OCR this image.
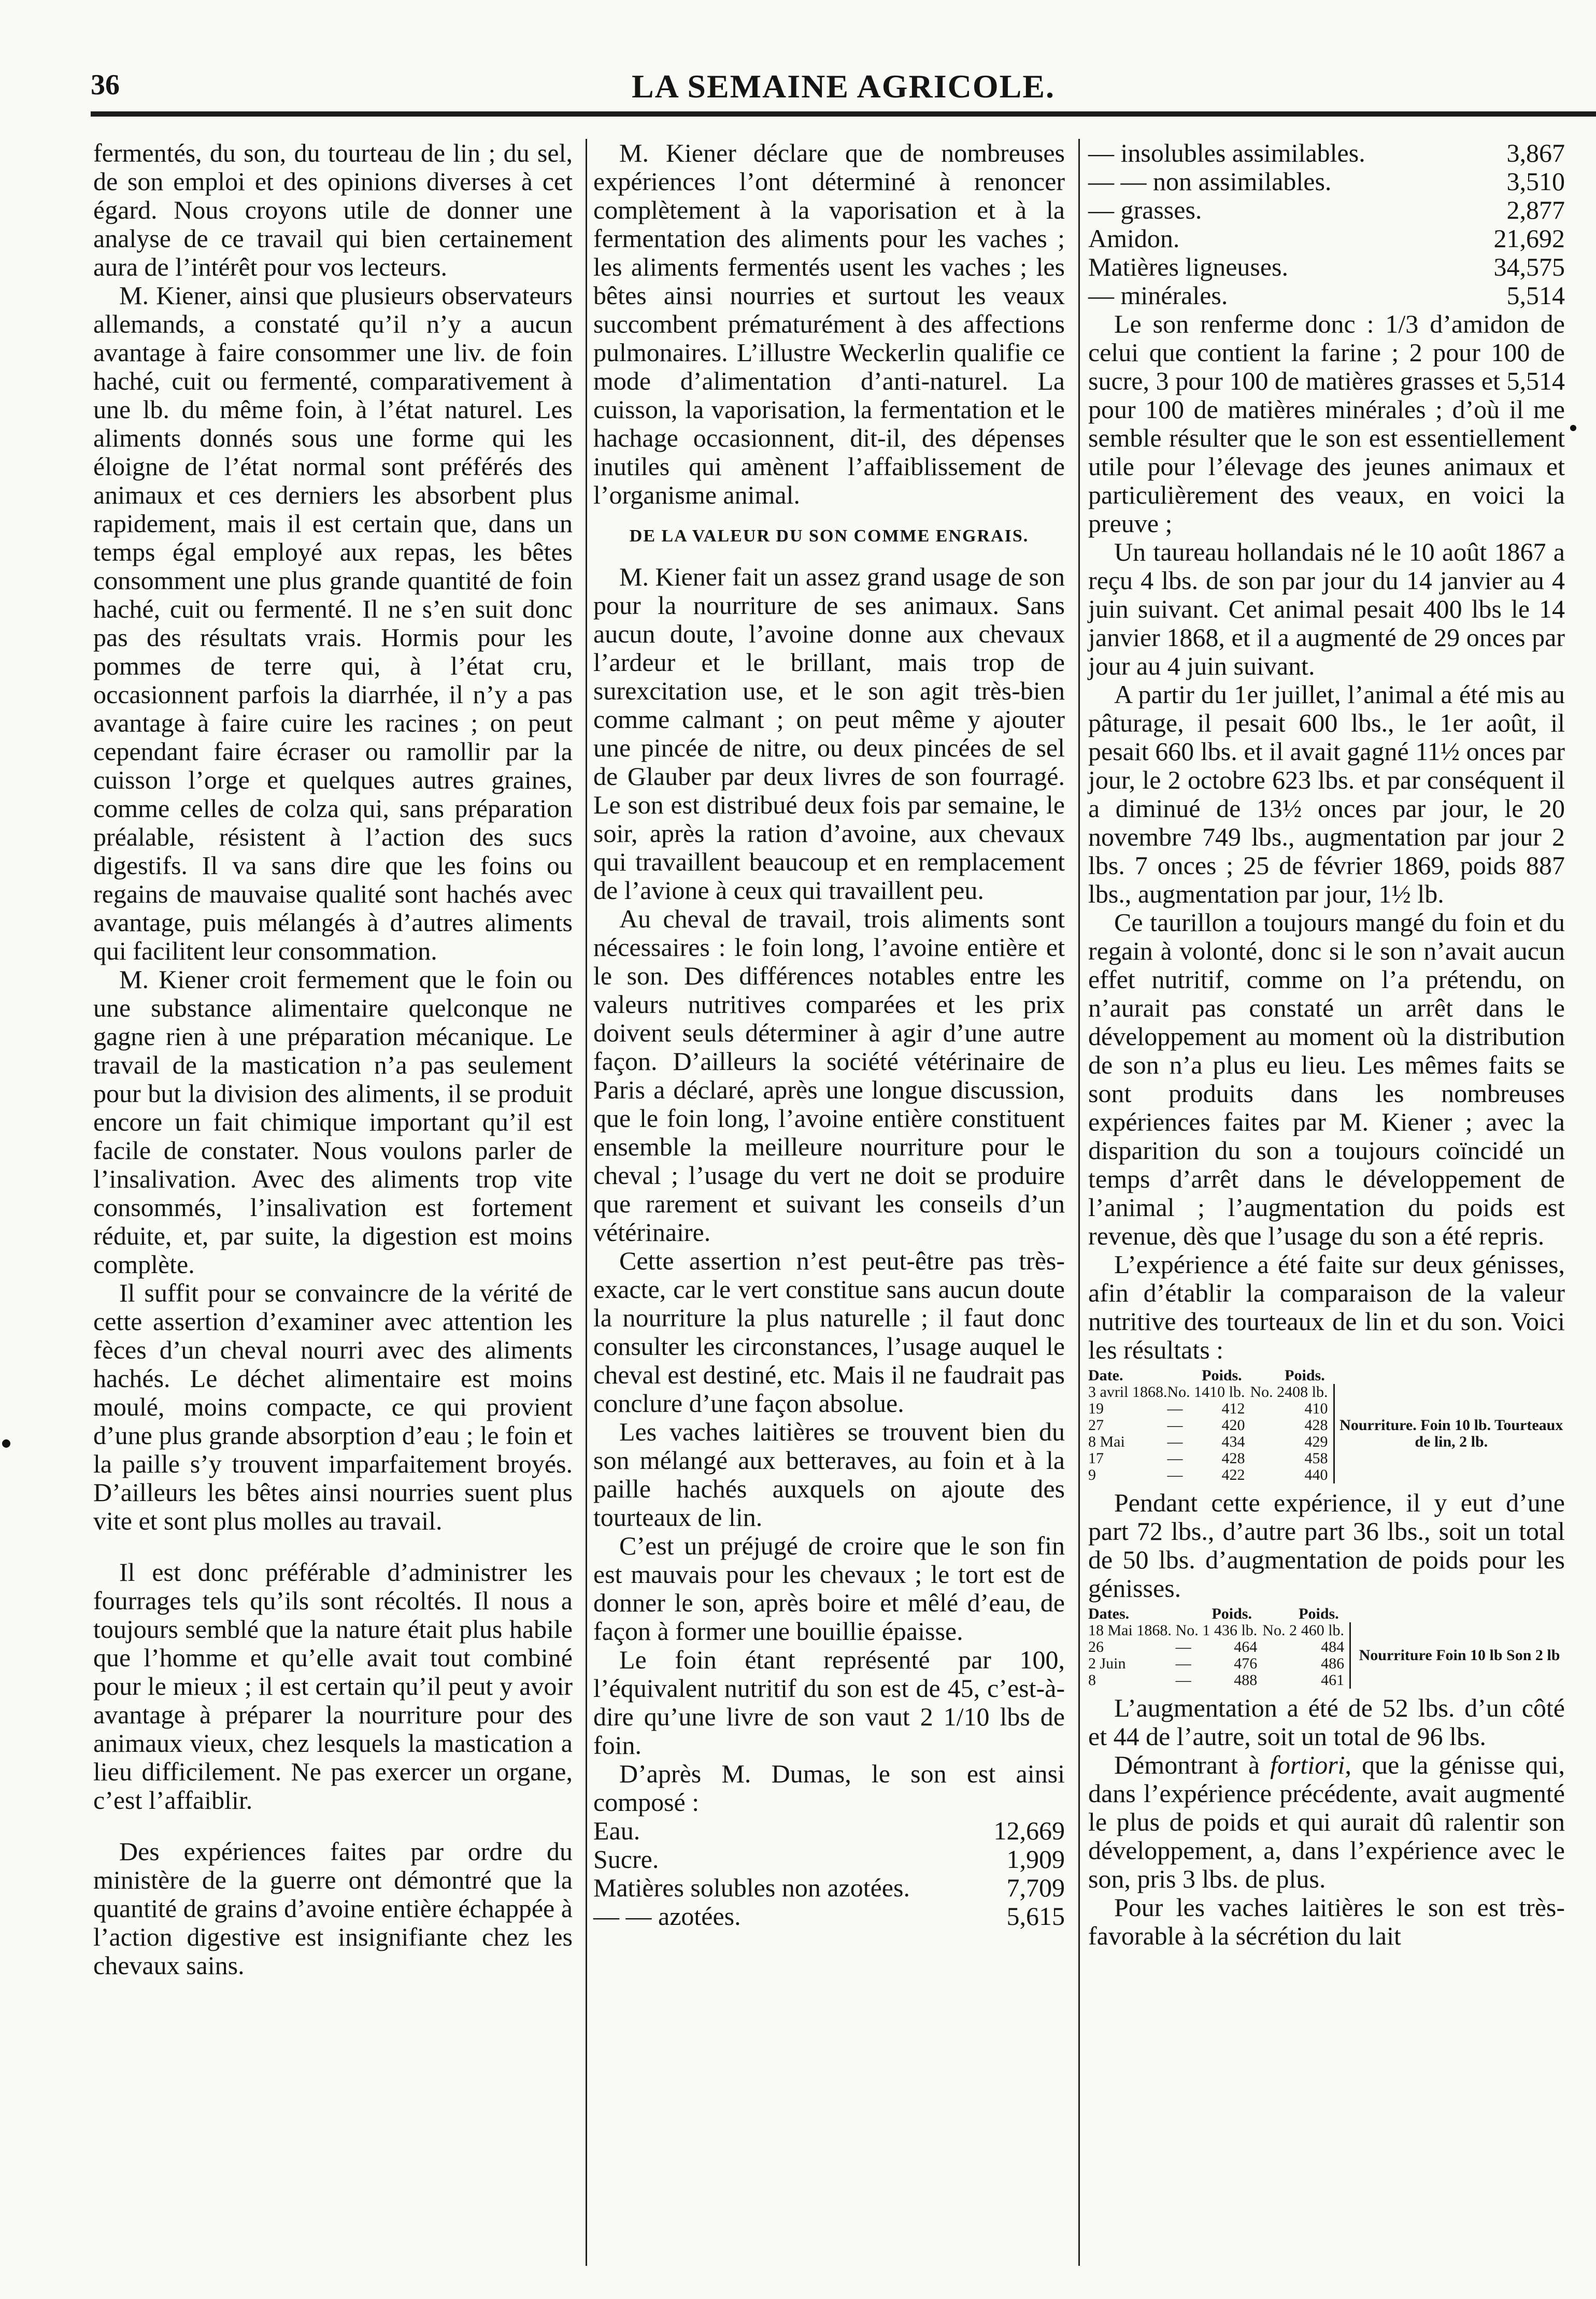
36	LA SEMAINE AGRICOLE.

fermentés, du son, du tourteau de lin ; du sel, de son emploi et des opinions diverses à cet égard. Nous croyons utile de donner une analyse de ce travail qui bien certainement aura de l’intérêt pour vos lecteurs.

M. Kiener, ainsi que plusieurs observateurs allemands, a constaté qu’il n’y a aucun avantage à faire consommer une liv. de foin haché, cuit ou fermenté, comparativement à une lb. du même foin, à l’état naturel. Les aliments donnés sous une forme qui les éloigne de l’état normal sont préférés des animaux et ces derniers les absorbent plus rapidement, mais il est certain que, dans un temps égal employé aux repas, les bêtes consomment une plus grande quantité de foin haché, cuit ou fermenté. Il ne s’en suit donc pas des résultats vrais. Hormis pour les pommes de terre qui, à l’état cru, occasionnent parfois la diarrhée, il n’y a pas avantage à faire cuire les racines ; on peut cependant faire écraser ou ramollir par la cuisson l’orge et quelques autres graines, comme celles de colza qui, sans préparation préalable, résistent à l’action des sucs digestifs. Il va sans dire que les foins ou regains de mauvaise qualité sont hachés avec avantage, puis mélangés à d’autres aliments qui facilitent leur consommation.

M. Kiener croit fermement que le foin ou une substance alimentaire quelconque ne gagne rien à une préparation mécanique. Le travail de la mastication n’a pas seulement pour but la division des aliments, il se produit encore un fait chimique important qu’il est facile de constater. Nous voulons parler de l’insalivation. Avec des aliments trop vite consommés, l’insalivation est fortement réduite, et, par suite, la digestion est moins complète.

Il suffit pour se convaincre de la vérité de cette assertion d’examiner avec attention les fèces d’un cheval nourri avec des aliments hachés. Le déchet alimentaire est moins moulé, moins compacte, ce qui provient d’une plus grande absorption d’eau ; le foin et la paille s’y trouvent imparfaitement broyés. D’ailleurs les bêtes ainsi nourries suent plus vite et sont plus molles au travail.

Il est donc préférable d’administrer les fourrages tels qu’ils sont récoltés. Il nous a toujours semblé que la nature était plus habile que l’homme et qu’elle avait tout combiné pour le mieux ; il est certain qu’il peut y avoir avantage à préparer la nourriture pour des animaux vieux, chez lesquels la mastication a lieu difficilement. Ne pas exercer un organe, c’est l’affaiblir.

Des expériences faites par ordre du ministère de la guerre ont démontré que la quantité de grains d’avoine entière échappée à l’action digestive est insignifiante chez les chevaux sains.

M. Kiener déclare que de nombreuses expériences l’ont déterminé à renoncer complètement à la vaporisation et à la fermentation des aliments pour les vaches ; les aliments fermentés usent les vaches ; les bêtes ainsi nourries et surtout les veaux succombent prématurément à des affections pulmonaires. L’illustre Weckerlin qualifie ce mode d’alimentation d’anti-naturel. La cuisson, la vaporisation, la fermentation et le hachage occasionnent, dit-il, des dépenses inutiles qui amènent l’affaiblissement de l’organisme animal.

DE LA VALEUR DU SON COMME ENGRAIS.

M. Kiener fait un assez grand usage de son pour la nourriture de ses animaux. Sans aucun doute, l’avoine donne aux chevaux l’ardeur et le brillant, mais trop de surexcitation use, et le son agit très-bien comme calmant ; on peut même y ajouter une pincée de nitre, ou deux pincées de sel de Glauber par deux livres de son fourragé. Le son est distribué deux fois par semaine, le soir, après la ration d’avoine, aux chevaux qui travaillent beaucoup et en remplacement de l’avione à ceux qui travaillent peu.

Au cheval de travail, trois aliments sont nécessaires : le foin long, l’avoine entière et le son. Des différences notables entre les valeurs nutritives comparées et les prix doivent seuls déterminer à agir d’une autre façon. D’ailleurs la société vétérinaire de Paris a déclaré, après une longue discussion, que le foin long, l’avoine entière constituent ensemble la meilleure nourriture pour le cheval ; l’usage du vert ne doit se produire que rarement et suivant les conseils d’un vétérinaire.

Cette assertion n’est peut-être pas très-exacte, car le vert constitue sans aucun doute la nourriture la plus naturelle ; il faut donc consulter les circonstances, l’usage auquel le cheval est destiné, etc. Mais il ne faudrait pas conclure d’une façon absolue.

Les vaches laitières se trouvent bien du son mélangé aux betteraves, au foin et à la paille hachés auxquels on ajoute des tourteaux de lin.

C’est un préjugé de croire que le son fin est mauvais pour les chevaux ; le tort est de donner le son, après boire et mêlé d’eau, de façon à former une bouillie épaisse.

Le foin étant représenté par 100, l’équivalent nutritif du son est de 45, c’est-à-dire qu’une livre de son vaut 2 1/10 lbs de foin.

D’après M. Dumas, le son est ainsi composé :

Eau.	12,669
Sucre.	1,909
Matières solubles non azotées.	7,709
— — azotées.	5,615
— insolubles assimilables.	3,867
— — non assimilables.	3,510
— grasses.	2,877
Amidon.	21,692
Matières ligneuses.	34,575
— minérales.	5,514

Le son renferme donc : 1/3 d’amidon de celui que contient la farine ; 2 pour 100 de sucre, 3 pour 100 de matières grasses et 5,514 pour 100 de matières minérales ; d’où il me semble résulter que le son est essentiellement utile pour l’élevage des jeunes animaux et particulièrement des veaux, en voici la preuve ;

Un taureau hollandais né le 10 août 1867 a reçu 4 lbs. de son par jour du 14 janvier au 4 juin suivant. Cet animal pesait 400 lbs le 14 janvier 1868, et il a augmenté de 29 onces par jour au 4 juin suivant.

A partir du 1er juillet, l’animal a été mis au pâturage, il pesait 600 lbs., le 1er août, il pesait 660 lbs. et il avait gagné 11½ onces par jour, le 2 octobre 623 lbs. et par conséquent il a diminué de 13½ onces par jour, le 20 novembre 749 lbs., augmentation par jour 2 lbs. 7 onces ; 25 de février 1869, poids 887 lbs., augmentation par jour, 1½ lb.

Ce taurillon a toujours mangé du foin et du regain à volonté, donc si le son n’avait aucun effet nutritif, comme on l’a prétendu, on n’aurait pas constaté un arrêt dans le développement au moment où la distribution de son n’a plus eu lieu. Les mêmes faits se sont produits dans les nombreuses expériences faites par M. Kiener ; avec la disparition du son a toujours coïncidé un temps d’arrêt dans le développement de l’animal ; l’augmentation du poids est revenue, dès que l’usage du son a été repris.

L’expérience a été faite sur deux génisses, afin d’établir la comparaison de la valeur nutritive des tourteaux de lin et du son. Voici les résultats :

Date.		Poids.		Poids.	
3 avril 1868.	No. 1	410 lb.	No. 2	408 lb.	Nourriture. Foin 10 lb. Tourteaux de lin, 2 lb.
19	—	412		410	
27	—	420		428	
8 Mai	—	434		429	
17	—	428		458	
9	—	422		440	

Pendant cette expérience, il y eut d’une part 72 lbs., d’autre part 36 lbs., soit un total de 50 lbs. d’augmentation de poids pour les génisses.

Dates.		Poids.		Poids.	
18 Mai 1868.	No. 1	436 lb.	No. 2	460 lb.	Nourriture Foin 10 lb Son 2 lb
26	—	464		484	
2 Juin	—	476		486	
8	—	488		461	

L’augmentation a été de 52 lbs. d’un côté et 44 de l’autre, soit un total de 96 lbs.

Démontrant à fortiori, que la génisse qui, dans l’expérience précédente, avait augmenté le plus de poids et qui aurait dû ralentir son développement, a, dans l’expérience avec le son, pris 3 lbs. de plus.

Pour les vaches laitières le son est très-favorable à la sécrétion du lait
